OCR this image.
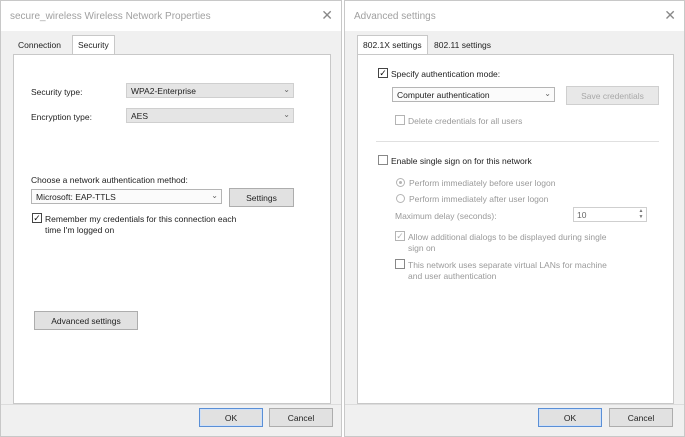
secure_wireless Wireless Network Properties	✕
Connection	Security
Security type:	WPA2-Enterprise	⌄
Encryption type:	AES	⌄
Choose a network authentication method:
Microsoft: EAP-TTLS	⌄	Settings
✓ Remember my credentials for this connection each
time I'm logged on
Advanced settings
OK	Cancel
Advanced settings	✕
802.1X settings	802.11 settings
✓ Specify authentication mode:
Computer authentication	⌄	Save credentials
Delete credentials for all users
Enable single sign on for this network
Perform immediately before user logon
Perform immediately after user logon
Maximum delay (seconds):	10	▲
▼
✓ Allow additional dialogs to be displayed during single
sign on
This network uses separate virtual LANs for machine
and user authentication
OK	Cancel
